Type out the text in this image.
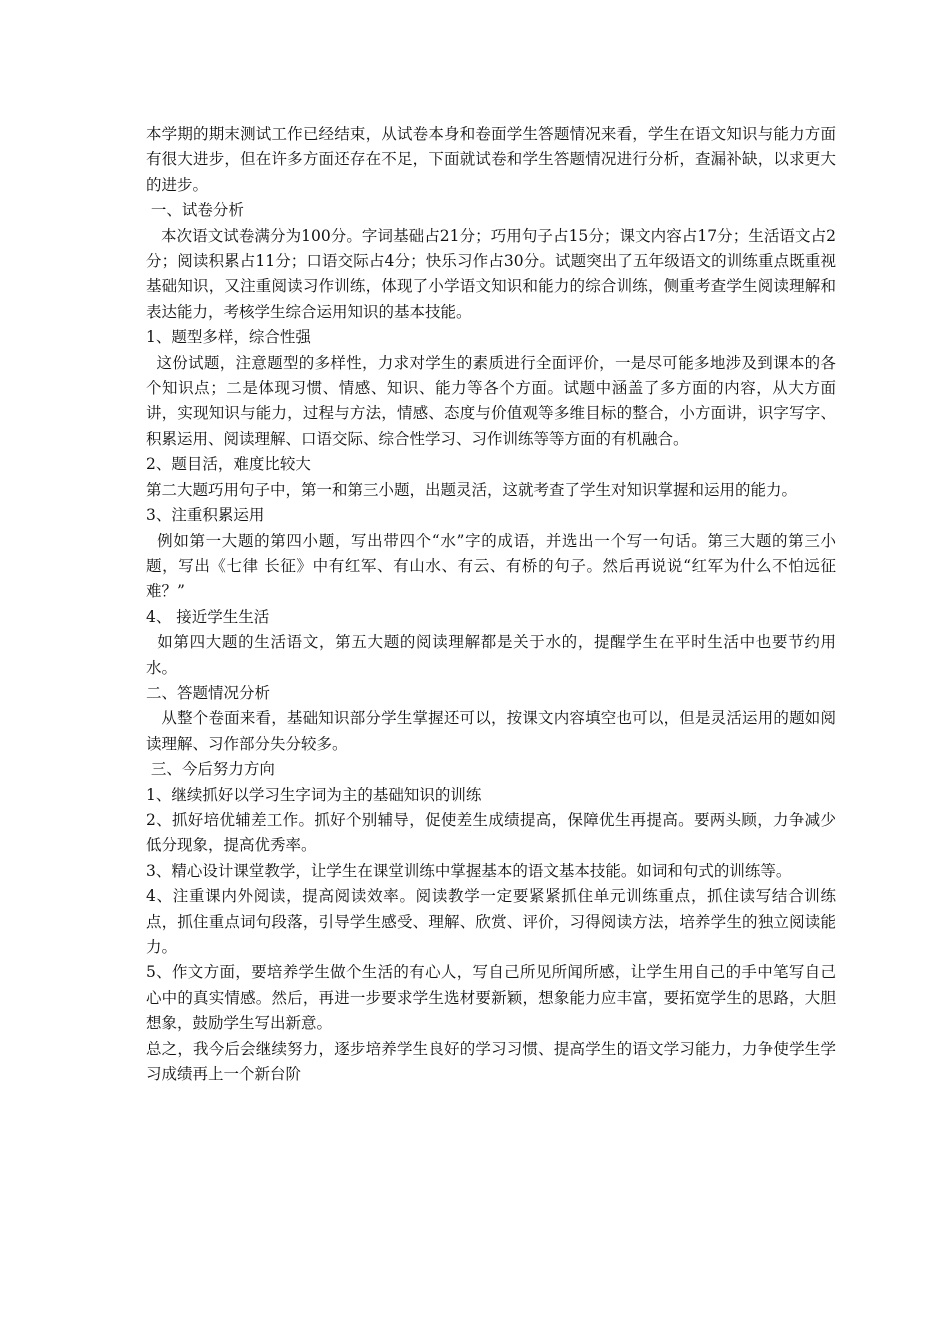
本学期的期末测试工作已经结束，从试卷本身和卷面学生答题情况来看，学生在语文知识与能力方面有很大进步，但在许多方面还存在不足，下面就试卷和学生答题情况进行分析，查漏补缺，以求更大的进步。

一、试卷分析

本次语文试卷满分为100分。字词基础占21分；巧用句子占15分；课文内容占17分；生活语文占2分；阅读积累占11分；口语交际占4分；快乐习作占30分。试题突出了五年级语文的训练重点既重视基础知识，又注重阅读习作训练，体现了小学语文知识和能力的综合训练，侧重考查学生阅读理解和表达能力，考核学生综合运用知识的基本技能。

1、题型多样，综合性强

这份试题，注意题型的多样性，力求对学生的素质进行全面评价，一是尽可能多地涉及到课本的各个知识点；二是体现习惯、情感、知识、能力等各个方面。试题中涵盖了多方面的内容，从大方面讲，实现知识与能力，过程与方法，情感、态度与价值观等多维目标的整合，小方面讲，识字写字、积累运用、阅读理解、口语交际、综合性学习、习作训练等等方面的有机融合。

2、题目活，难度比较大

第二大题巧用句子中，第一和第三小题，出题灵活，这就考查了学生对知识掌握和运用的能力。

3、注重积累运用

例如第一大题的第四小题，写出带四个“水”字的成语，并选出一个写一句话。第三大题的第三小题，写出《七律 长征》中有红军、有山水、有云、有桥的句子。然后再说说“红军为什么不怕远征难？”

4、 接近学生生活

如第四大题的生活语文，第五大题的阅读理解都是关于水的，提醒学生在平时生活中也要节约用水。

二、答题情况分析

从整个卷面来看，基础知识部分学生掌握还可以，按课文内容填空也可以，但是灵活运用的题如阅读理解、习作部分失分较多。

三、今后努力方向

1、继续抓好以学习生字词为主的基础知识的训练

2、抓好培优辅差工作。抓好个别辅导，促使差生成绩提高，保障优生再提高。要两头顾，力争减少低分现象，提高优秀率。

3、精心设计课堂教学，让学生在课堂训练中掌握基本的语文基本技能。如词和句式的训练等。

4、注重课内外阅读，提高阅读效率。阅读教学一定要紧紧抓住单元训练重点，抓住读写结合训练点，抓住重点词句段落，引导学生感受、理解、欣赏、评价，习得阅读方法，培养学生的独立阅读能力。

5、作文方面，要培养学生做个生活的有心人，写自己所见所闻所感，让学生用自己的手中笔写自己心中的真实情感。然后，再进一步要求学生选材要新颖，想象能力应丰富，要拓宽学生的思路，大胆想象，鼓励学生写出新意。

总之，我今后会继续努力，逐步培养学生良好的学习习惯、提高学生的语文学习能力，力争使学生学习成绩再上一个新台阶
